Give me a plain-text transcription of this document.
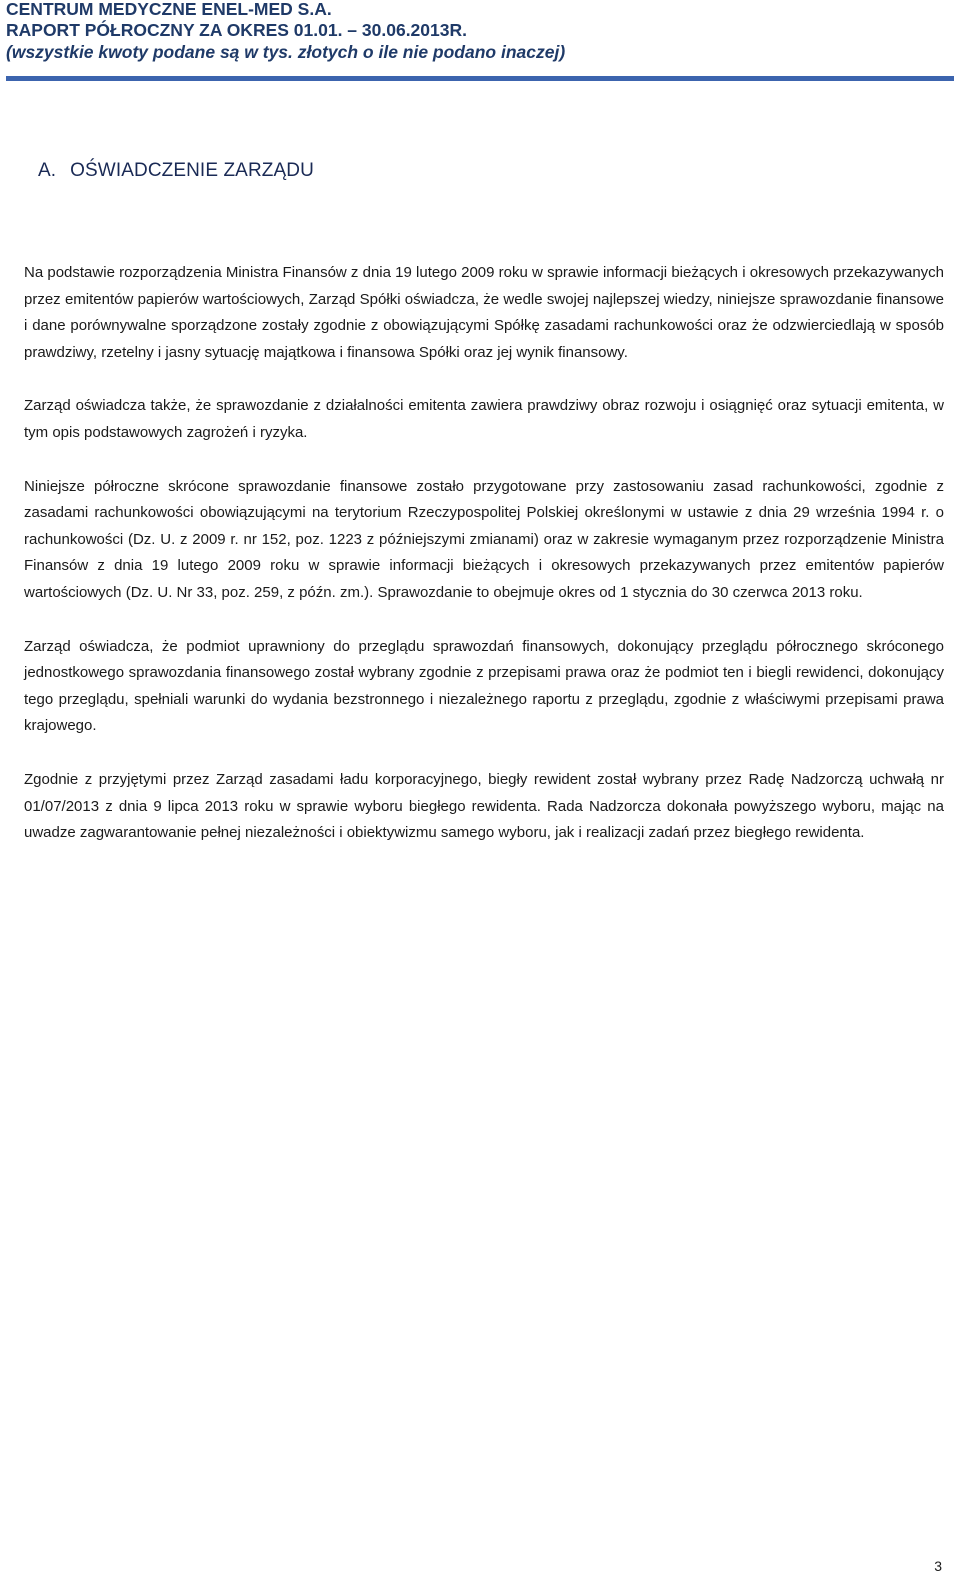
CENTRUM MEDYCZNE ENEL-MED S.A.

RAPORT PÓŁROCZNY ZA OKRES 01.01. – 30.06.2013R.

(wszystkie kwoty podane są w tys. złotych o ile nie podano inaczej)

A. OŚWIADCZENIE ZARZĄDU

Na podstawie rozporządzenia Ministra Finansów z dnia 19 lutego 2009 roku w sprawie informacji bieżących i okresowych przekazywanych przez emitentów papierów wartościowych, Zarząd Spółki oświadcza, że wedle swojej najlepszej wiedzy, niniejsze sprawozdanie finansowe i dane porównywalne sporządzone zostały zgodnie z obowiązującymi Spółkę zasadami rachunkowości oraz że odzwierciedlają w sposób prawdziwy, rzetelny i jasny sytuację majątkowa i finansowa Spółki oraz jej wynik finansowy.

Zarząd oświadcza także, że sprawozdanie z działalności emitenta zawiera prawdziwy obraz rozwoju i osiągnięć oraz sytuacji emitenta, w tym opis podstawowych zagrożeń i ryzyka.

Niniejsze półroczne skrócone sprawozdanie finansowe zostało przygotowane przy zastosowaniu zasad rachunkowości, zgodnie z zasadami rachunkowości obowiązującymi na terytorium Rzeczypospolitej Polskiej określonymi w ustawie z dnia 29 września 1994 r. o rachunkowości (Dz. U. z 2009 r. nr 152, poz. 1223 z późniejszymi zmianami) oraz w zakresie wymaganym przez rozporządzenie Ministra Finansów z dnia 19 lutego 2009 roku w sprawie informacji bieżących i okresowych przekazywanych przez emitentów papierów wartościowych (Dz. U. Nr 33, poz. 259, z późn. zm.). Sprawozdanie to obejmuje okres od 1 stycznia do 30 czerwca 2013 roku.

Zarząd oświadcza, że podmiot uprawniony do przeglądu sprawozdań finansowych, dokonujący przeglądu półrocznego skróconego jednostkowego sprawozdania finansowego został wybrany zgodnie z przepisami prawa oraz że podmiot ten i biegli rewidenci, dokonujący tego przeglądu, spełniali warunki do wydania bezstronnego i niezależnego raportu z przeglądu, zgodnie z właściwymi przepisami prawa krajowego.

Zgodnie z przyjętymi przez Zarząd zasadami ładu korporacyjnego, biegły rewident został wybrany przez Radę Nadzorczą uchwałą nr 01/07/2013 z dnia 9 lipca 2013 roku w sprawie wyboru biegłego rewidenta. Rada Nadzorcza dokonała powyższego wyboru, mając na uwadze zagwarantowanie pełnej niezależności i obiektywizmu samego wyboru, jak i realizacji zadań przez biegłego rewidenta.

3
